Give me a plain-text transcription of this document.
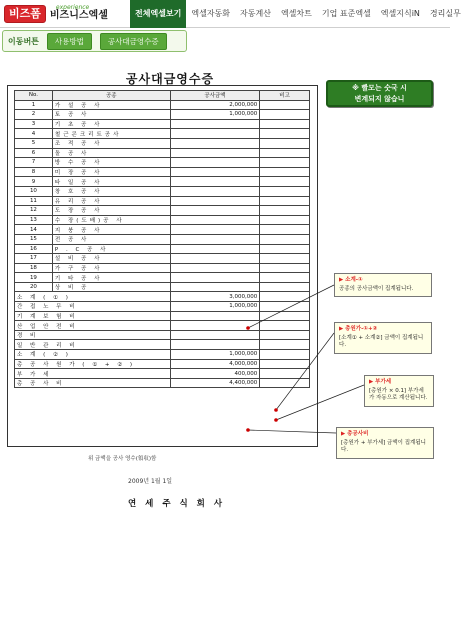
비즈폼	experience
비즈니스엑셀	전체엑셀보기	엑셀자동화	자동계산	엑셀차트	기업 표준엑셀	엑셀지식iN	경리실무
이동버튼	사용방법	공사대금영수증
공사대금영수증
No.	공종	공사금액	비고
1	가 설 공 사	2,000,000	
2	토 공 사	1,000,000	
3	기 초 공 사		
4	철근콘크리트공사		
5	조 적 공 사		
6	돌 공 사		
7	방 수 공 사		
8	미 장 공 사		
9	타 일 공 사		
10	창 호 공 사		
11	유 리 공 사		
12	도 장 공 사		
13	수 장(도배)공 사		
14	지 붕 공 사		
15	전 공 사		
16	P . C 공 사		
17	설 비 공 사		
18	가 구 공 사		
19	기 타 공 사		
20	상 비 공		
소 계 ( ① )		3,000,000	
간 접 노 무 비		1,000,000	
기 계 보 험 비			
산 업 안 전 비			
경 비			
일 반 관 리 비			
소 계 ( ② )		1,000,000	
총 공 사 원 가 ( ① + ② )		4,000,000	
부 가 세		400,000	
총 공 사 비		4,400,000	
위 금액을 공사 영수(領収)함
2009년 1월 1일
연 세 주 식 회 사
※ 빨모는 숫국 시
변계되지 않습니
▶ 소계-①
공종의 공사금액이 집계됩니다.
▶ 총원가-①+②
[소계① + 소계②] 금액이 집계됩니다.
▶ 부가세
[총원가 × 0.1] 부가세가 자동으로 계산됩니다.
▶ 총공사비
[총원가 + 부가세] 금액이 집계됩니다.
